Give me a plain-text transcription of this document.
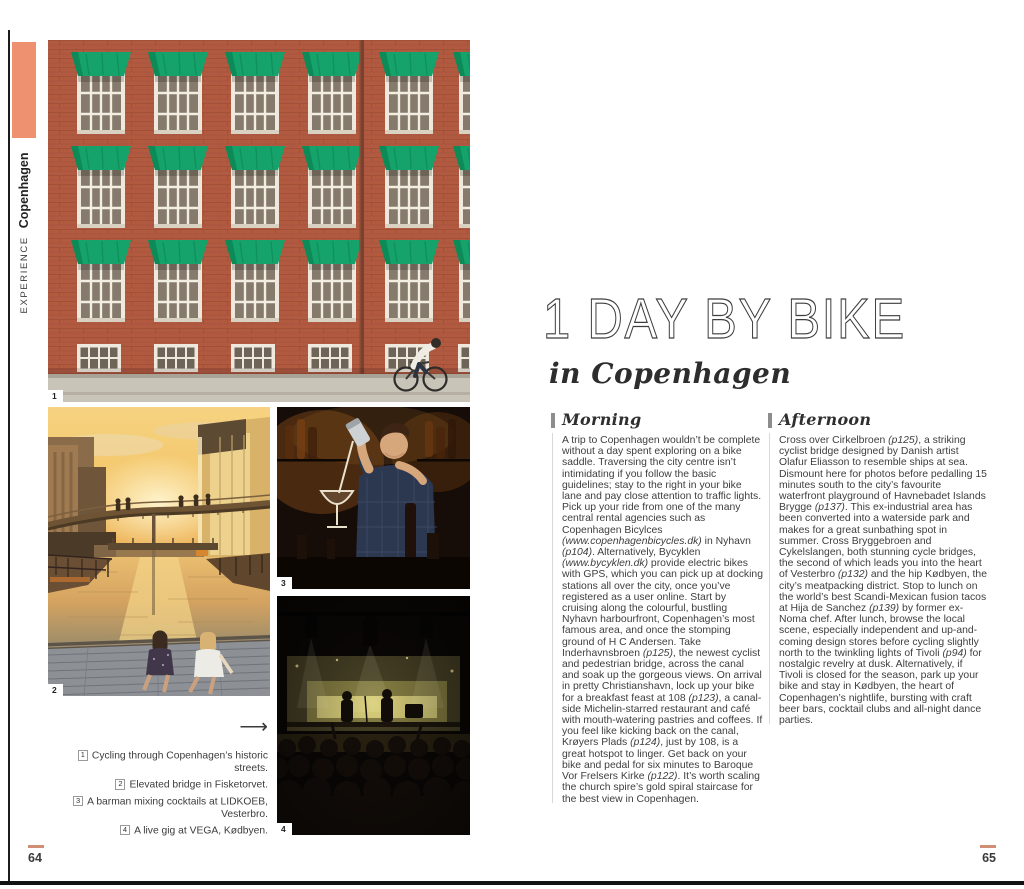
EXPERIENCE
Copenhagen
1
2
3
4
⟶
1 Cycling through Copenhagen’s historic streets.
2 Elevated bridge in Fisketorvet.
3 A barman mixing cocktails at LIDKOEB, Vesterbro.
4 A live gig at VEGA, Kødbyen.
1 DAY BY BIKE
in Copenhagen
Morning

A trip to Copenhagen wouldn’t be complete without a day spent exploring on a bike saddle. Traversing the city centre isn’t intimidating if you follow the basic guidelines; stay to the right in your bike lane and pay close attention to traffic lights. Pick up your ride from one of the many central rental agencies such as Copenhagen Bicylces (www.copenhagenbicycles.dk) in Nyhavn (p104). Alternatively, Bycyklen (www.bycyklen.dk) provide electric bikes with GPS, which you can pick up at docking stations all over the city, once you’ve registered as a user online. Start by cruising along the colourful, bustling Nyhavn harbourfront, Copenhagen’s most famous area, and once the stomping ground of H C Andersen. Take Inderhavnsbroen (p125), the newest cyclist and pedestrian bridge, across the canal and soak up the gorgeous views. On arrival in pretty Christianshavn, lock up your bike for a breakfast feast at 108 (p123), a canal-side Michelin-starred restaurant and café with mouth-watering pastries and coffees. If you feel like kicking back on the canal, Krøyers Plads (p124), just by 108, is a great hotspot to linger. Get back on your bike and pedal for six minutes to Baroque Vor Frelsers Kirke (p122). It’s worth scaling the church spire’s gold spiral staircase for the best view in Copenhagen.

Afternoon

Cross over Cirkelbroen (p125), a striking cyclist bridge designed by Danish artist Olafur Eliasson to resemble ships at sea. Dismount here for photos before pedalling 15 minutes south to the city’s favourite waterfront playground of Havnebadet Islands Brygge (p137). This ex-industrial area has been converted into a waterside park and makes for a great sunbathing spot in summer. Cross Bryggebroen and Cykelslangen, both stunning cycle bridges, the second of which leads you into the heart of Vesterbro (p132) and the hip Kødbyen, the city’s meatpacking district. Stop to lunch on the world’s best Scandi-Mexican fusion tacos at Hija de Sanchez (p139) by former ex-Noma chef. After lunch, browse the local scene, especially independent and up-and-coming design stores before cycling slightly north to the twinkling lights of Tivoli (p94) for nostalgic revelry at dusk. Alternatively, if Tivoli is closed for the season, park up your bike and stay in Kødbyen, the heart of Copenhagen’s nightlife, bursting with craft beer bars, cocktail clubs and all-night dance parties.

64	65
